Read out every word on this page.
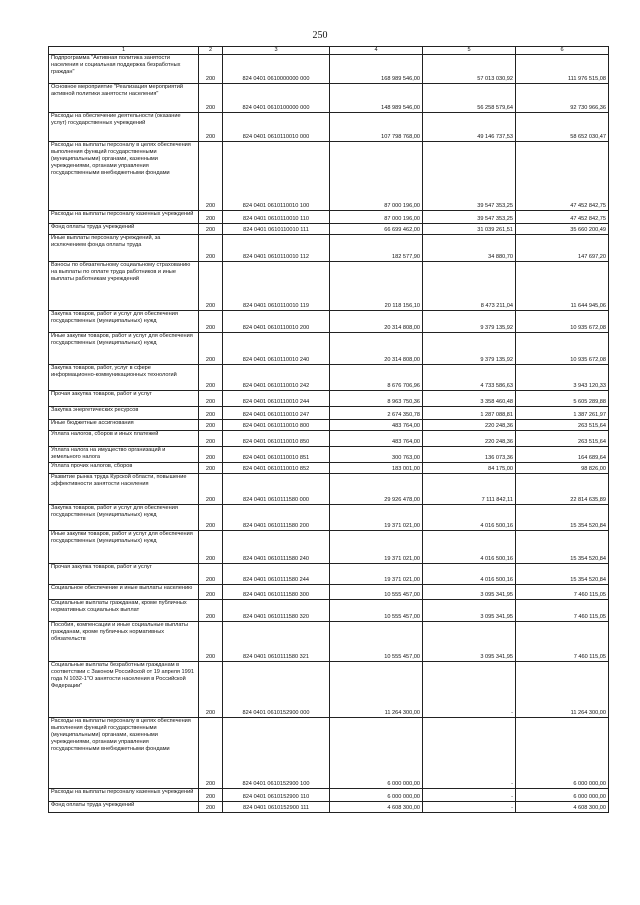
250
1	2	3	4	5	6
Подпрограмма "Активная политика занятости населения и социальная поддержка безработных граждан"	200	824 0401 0610000000 000	168 989 546,00	57 013 030,92	111 976 515,08
Основное мероприятие "Реализация мероприятий активной политики занятости населения"	200	824 0401 0610100000 000	148 989 546,00	56 258 579,64	92 730 966,36
Расходы на обеспечение деятельности (оказание услуг) государственных учреждений	200	824 0401 0610110010 000	107 798 768,00	49 146 737,53	58 652 030,47
Расходы на выплаты персоналу в целях обеспечения выполнения функций государственными (муниципальными) органами, казенными учреждениями, органами управления государственными внебюджетными фондами	200	824 0401 0610110010 100	87 000 196,00	39 547 353,25	47 452 842,75
Расходы на выплаты персоналу казенных учреждений	200	824 0401 0610110010 110	87 000 196,00	39 547 353,25	47 452 842,75
Фонд оплаты труда учреждений	200	824 0401 0610110010 111	66 699 462,00	31 039 261,51	35 660 200,49
Иные выплаты персоналу учреждений, за исключением фонда оплаты труда	200	824 0401 0610110010 112	182 577,90	34 880,70	147 697,20
Взносы по обязательному социальному страхованию на выплаты по оплате труда работников и иные выплаты работникам учреждений	200	824 0401 0610110010 119	20 118 156,10	8 473 211,04	11 644 945,06
Закупка товаров, работ и услуг для обеспечения государственных (муниципальных) нужд	200	824 0401 0610110010 200	20 314 808,00	9 379 135,92	10 935 672,08
Иные закупки товаров, работ и услуг для обеспечения государственных (муниципальных) нужд	200	824 0401 0610110010 240	20 314 808,00	9 379 135,92	10 935 672,08
Закупка товаров, работ, услуг в сфере информационно-коммуникационных технологий	200	824 0401 0610110010 242	8 676 706,96	4 733 586,63	3 943 120,33
Прочая закупка товаров, работ и услуг	200	824 0401 0610110010 244	8 963 750,36	3 358 460,48	5 605 289,88
Закупка энергетических ресурсов	200	824 0401 0610110010 247	2 674 350,78	1 287 088,81	1 387 261,97
Иные бюджетные ассигнования	200	824 0401 0610110010 800	483 764,00	220 248,36	263 515,64
Уплата налогов, сборов и иных платежей	200	824 0401 0610110010 850	483 764,00	220 248,36	263 515,64
Уплата налога на имущество организаций и земельного налога	200	824 0401 0610110010 851	300 763,00	136 073,36	164 689,64
Уплата прочих налогов, сборов	200	824 0401 0610110010 852	183 001,00	84 175,00	98 826,00
Развитие рынка труда Курской области, повышение эффективности занятости населения	200	824 0401 0610111580 000	29 926 478,00	7 111 842,11	22 814 635,89
Закупка товаров, работ и услуг для обеспечения государственных (муниципальных) нужд	200	824 0401 0610111580 200	19 371 021,00	4 016 500,16	15 354 520,84
Иные закупки товаров, работ и услуг для обеспечения государственных (муниципальных) нужд	200	824 0401 0610111580 240	19 371 021,00	4 016 500,16	15 354 520,84
Прочая закупка товаров, работ и услуг	200	824 0401 0610111580 244	19 371 021,00	4 016 500,16	15 354 520,84
Социальное обеспечение и иные выплаты населению	200	824 0401 0610111580 300	10 555 457,00	3 095 341,95	7 460 115,05
Социальные выплаты гражданам, кроме публичных нормативных социальных выплат	200	824 0401 0610111580 320	10 555 457,00	3 095 341,95	7 460 115,05
Пособия, компенсации и иные социальные выплаты гражданам, кроме публичных нормативных обязательств	200	824 0401 0610111580 321	10 555 457,00	3 095 341,95	7 460 115,05
Социальные выплаты безработным гражданам в соответствии с Законом Российской от 19 апреля 1991 года N 1032-1"О занятости населения в Российской Федерации"	200	824 0401 0610152900 000	11 264 300,00	-	11 264 300,00
Расходы на выплаты персоналу в целях обеспечения выполнения функций государственными (муниципальными) органами, казенными учреждениями, органами управления государственными внебюджетными фондами	200	824 0401 0610152900 100	6 000 000,00	-	6 000 000,00
Расходы на выплаты персоналу казенных учреждений	200	824 0401 0610152900 110	6 000 000,00	-	6 000 000,00
Фонд оплаты труда учреждений	200	824 0401 0610152900 111	4 608 300,00	-	4 608 300,00
